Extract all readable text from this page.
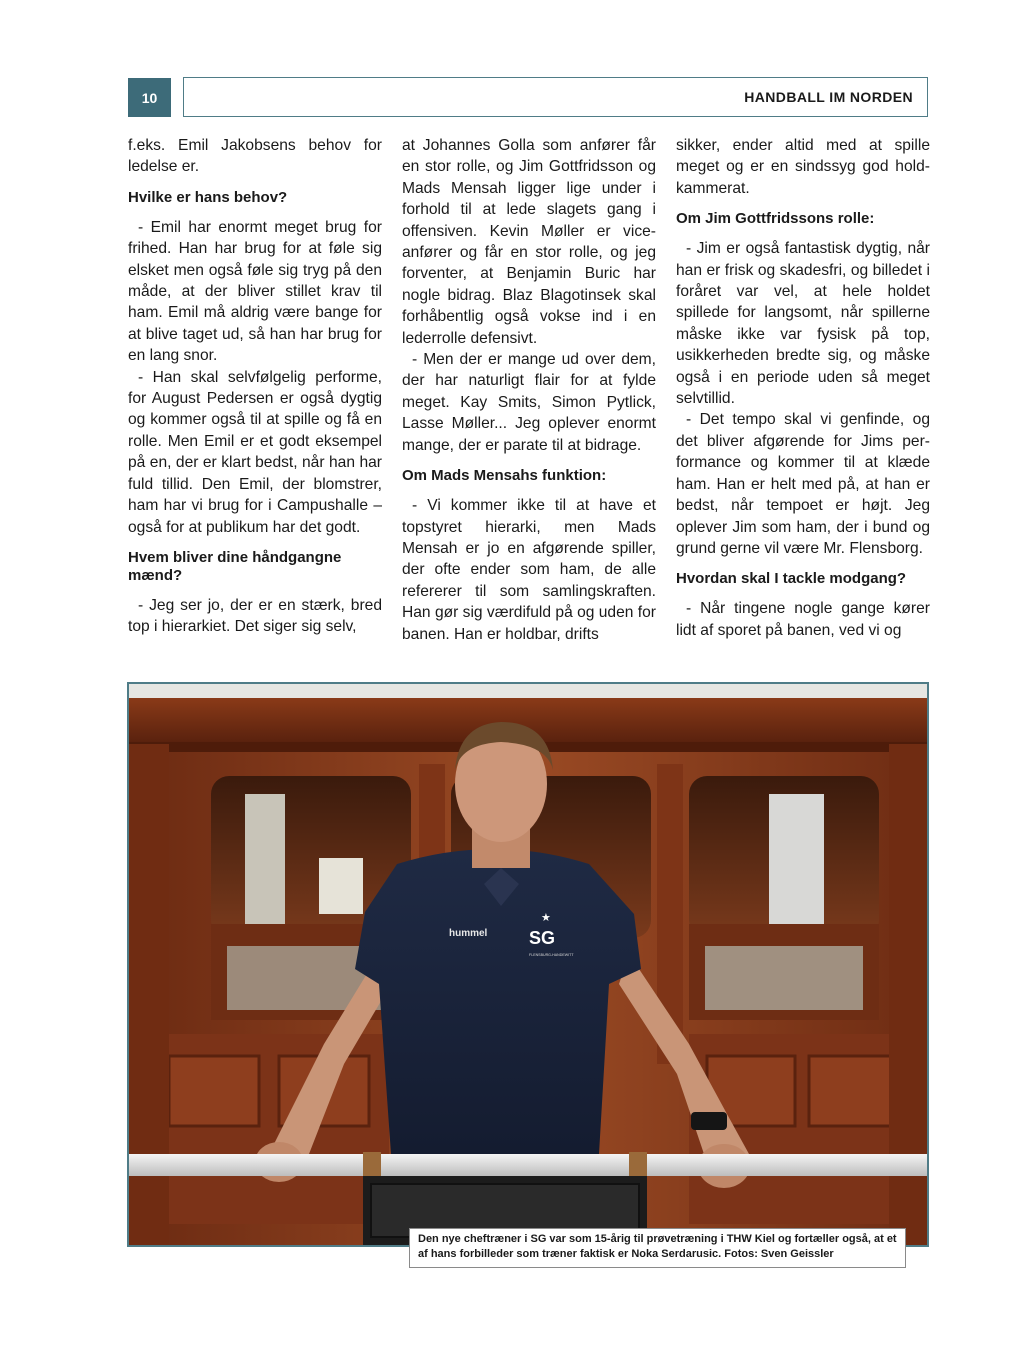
10	HANDBALL IM NORDEN

f.eks. Emil Jakobsens behov for ledelse er.

Hvilke er hans behov?

- Emil har enormt meget brug for frihed. Han har brug for at føle sig elsket men også føle sig tryg på den måde, at der bliver stillet krav til ham. Emil må aldrig være bange for at blive taget ud, så han har brug for en lang snor.

- Han skal selvfølgelig performe, for August Pedersen er også dygtig og kommer også til at spille og få en rolle. Men Emil er et godt eksempel på en, der er klart bedst, når han har fuld tillid. Den Emil, der blomstrer, ham har vi brug for i Campushalle – også for at publikum har det godt.

Hvem bliver dine håndgangne mænd?

- Jeg ser jo, der er en stærk, bred top i hierarkiet. Det siger sig selv,

at Johannes Golla som anfører får en stor rolle, og Jim Gottfridsson og Mads Mensah ligger lige under i forhold til at lede slagets gang i offensiven. Kevin Møller er viceanfører og får en stor rolle, og jeg forventer, at Benjamin Buric har nogle bidrag. Blaz Blagotinsek skal forhåbentlig også vokse ind i en lederrolle defensivt.

- Men der er mange ud over dem, der har naturligt flair for at fylde meget. Kay Smits, Simon Pytlick, Lasse Møller... Jeg oplever enormt mange, der er parate til at bidrage.

Om Mads Mensahs funktion:

- Vi kommer ikke til at have et topstyret hierarki, men Mads Mensah er jo en afgørende spiller, der ofte ender som ham, de alle refererer til som samlingskraften. Han gør sig værdifuld på og uden for banen. Han er holdbar, drifts

sikker, ender altid med at spille meget og er en sindssyg god holdkammerat.

Om Jim Gottfridssons rolle:

- Jim er også fantastisk dygtig, når han er frisk og skadesfri, og billedet i foråret var vel, at hele holdet spillede for langsomt, når spillerne måske ikke var fysisk på top, usikkerheden bredte sig, og måske også i en periode uden så meget selvtillid.

- Det tempo skal vi genfinde, og det bliver afgørende for Jims performance og kommer til at klæde ham. Han er helt med på, at han er bedst, når tempoet er højt. Jeg oplever Jim som ham, der i bund og grund gerne vil være Mr. Flensborg.

Hvordan skal I tackle modgang?

- Når tingene nogle gange kører lidt af sporet på banen, ved vi og

hummel SG
FLENSBURG-HANDEWITT
★
Den nye cheftræner i SG var som 15-årig til prøvetræning i THW Kiel og fortæller også, at et af hans forbilleder som træner faktisk er Noka Serdarusic. Fotos: Sven Geissler
